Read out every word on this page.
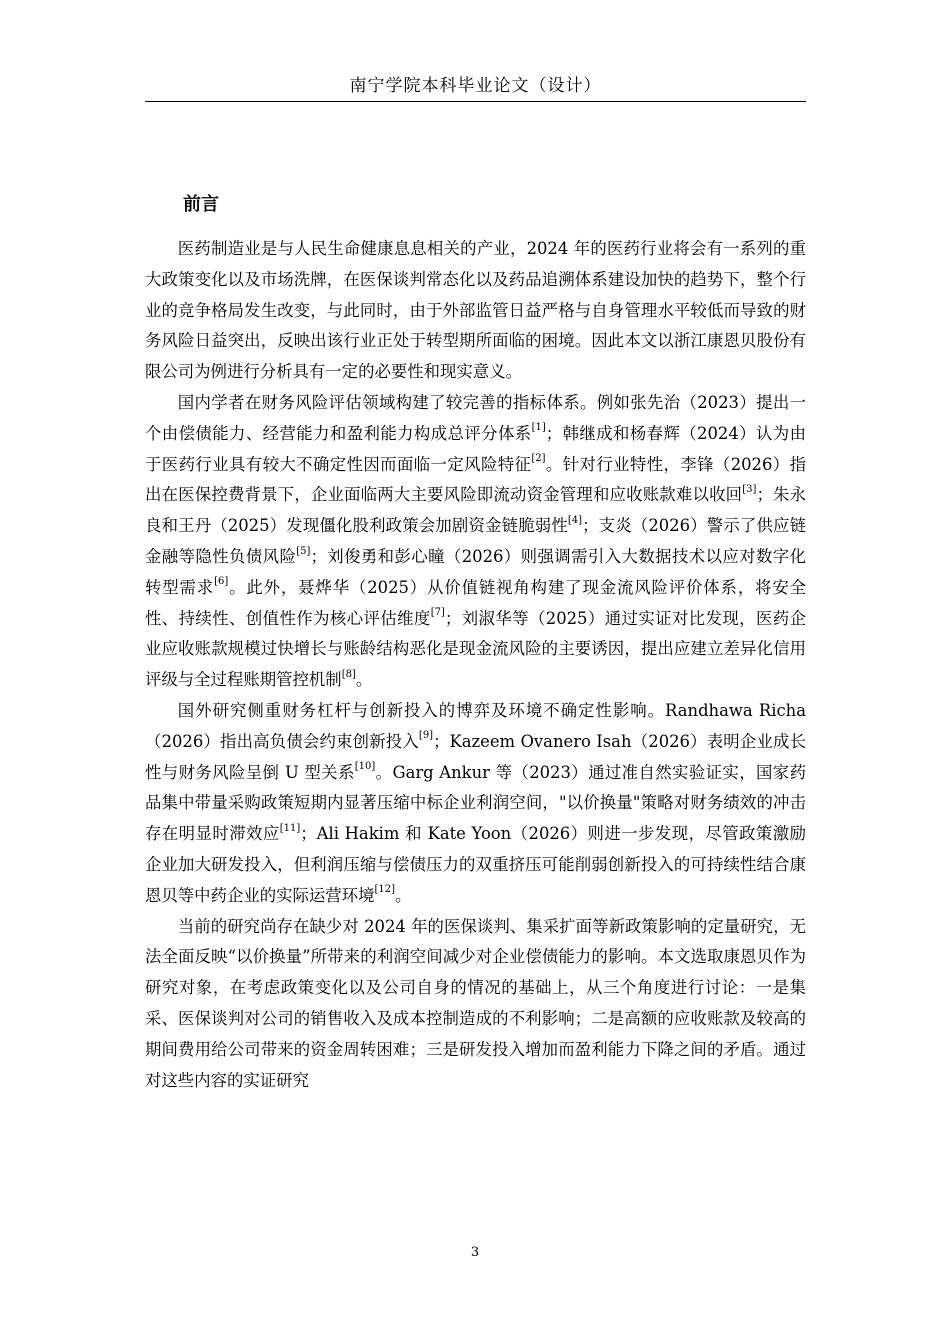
南宁学院本科毕业论文（设计）
前言

医药制造业是与人民生命健康息息相关的产业，2024 年的医药行业将会有一系列的重大政策变化以及市场洗牌，在医保谈判常态化以及药品追溯体系建设加快的趋势下，整个行业的竞争格局发生改变，与此同时，由于外部监管日益严格与自身管理水平较低而导致的财务风险日益突出，反映出该行业正处于转型期所面临的困境。因此本文以浙江康恩贝股份有限公司为例进行分析具有一定的必要性和现实意义。

国内学者在财务风险评估领域构建了较完善的指标体系。例如张先治（2023）提出一个由偿债能力、经营能力和盈利能力构成总评分体系[1]；韩继成和杨春辉（2024）认为由于医药行业具有较大不确定性因而面临一定风险特征[2]。针对行业特性，李锋（2026）指出在医保控费背景下，企业面临两大主要风险即流动资金管理和应收账款难以收回[3]；朱永良和王丹（2025）发现僵化股利政策会加剧资金链脆弱性[4]；支炎（2026）警示了供应链金融等隐性负债风险[5]；刘俊勇和彭心瞳（2026）则强调需引入大数据技术以应对数字化转型需求[6]。此外，聂烨华（2025）从价值链视角构建了现金流风险评价体系，将安全性、持续性、创值性作为核心评估维度[7]；刘淑华等（2025）通过实证对比发现，医药企业应收账款规模过快增长与账龄结构恶化是现金流风险的主要诱因，提出应建立差异化信用评级与全过程账期管控机制[8]。

国外研究侧重财务杠杆与创新投入的博弈及环境不确定性影响。Randhawa Richa（2026）指出高负债会约束创新投入[9]；Kazeem Ovanero Isah（2026）表明企业成长性与财务风险呈倒 U 型关系[10]。Garg Ankur 等（2023）通过准自然实验证实，国家药品集中带量采购政策短期内显著压缩中标企业利润空间，"以价换量"策略对财务绩效的冲击存在明显时滞效应[11]；Ali Hakim 和 Kate Yoon（2026）则进一步发现，尽管政策激励企业加大研发投入，但利润压缩与偿债压力的双重挤压可能削弱创新投入的可持续性结合康恩贝等中药企业的实际运营环境[12]。

当前的研究尚存在缺少对 2024 年的医保谈判、集采扩面等新政策影响的定量研究，无法全面反映“以价换量”所带来的利润空间减少对企业偿债能力的影响。本文选取康恩贝作为研究对象，在考虑政策变化以及公司自身的情况的基础上，从三个角度进行讨论：一是集采、医保谈判对公司的销售收入及成本控制造成的不利影响；二是高额的应收账款及较高的期间费用给公司带来的资金周转困难；三是研发投入增加而盈利能力下降之间的矛盾。通过对这些内容的实证研究

3
